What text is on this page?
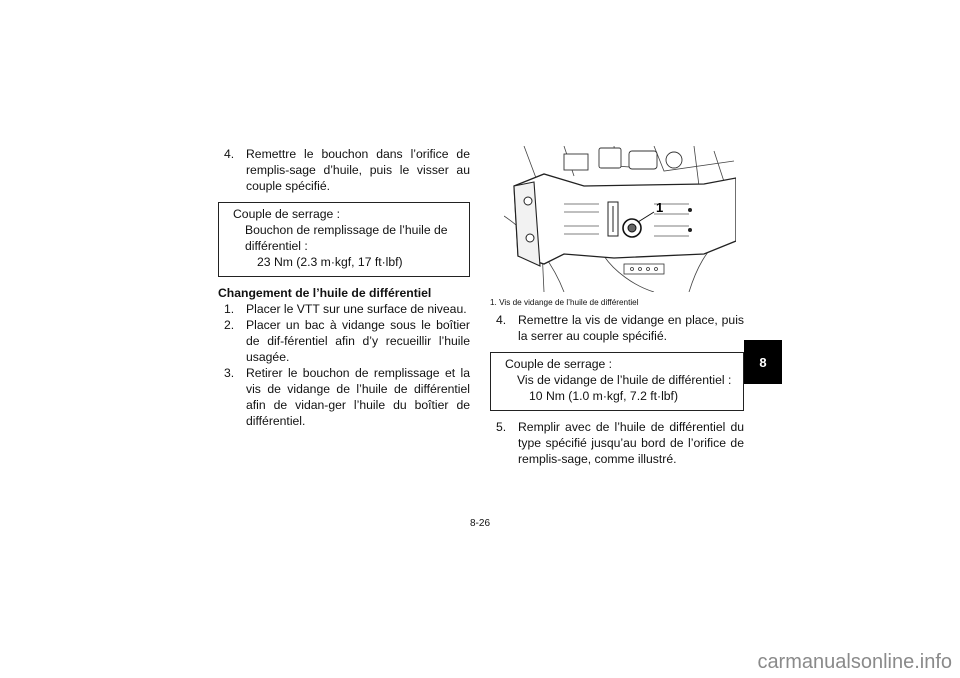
4. Remettre le bouchon dans l’orifice de remplis-sage d’huile, puis le visser au couple spécifié.
Couple de serrage :
Bouchon de remplissage de l’huile de
différentiel :
23 Nm (2.3 m·kgf, 17 ft·lbf)
Changement de l’huile de différentiel
1. Placer le VTT sur une surface de niveau.
2. Placer un bac à vidange sous le boîtier de dif-férentiel afin d’y recueillir l’huile usagée.
3. Retirer le bouchon de remplissage et la vis de vidange de l’huile de différentiel afin de vidan-ger l’huile du boîtier de différentiel.
1
1. Vis de vidange de l’huile de différentiel
4. Remettre la vis de vidange en place, puis la serrer au couple spécifié.
Couple de serrage :
Vis de vidange de l’huile de différentiel :
10 Nm (1.0 m·kgf, 7.2 ft·lbf)
5. Remplir avec de l’huile de différentiel du type spécifié jusqu’au bord de l’orifice de remplis-sage, comme illustré.
8-26
8
carmanualsonline.info
